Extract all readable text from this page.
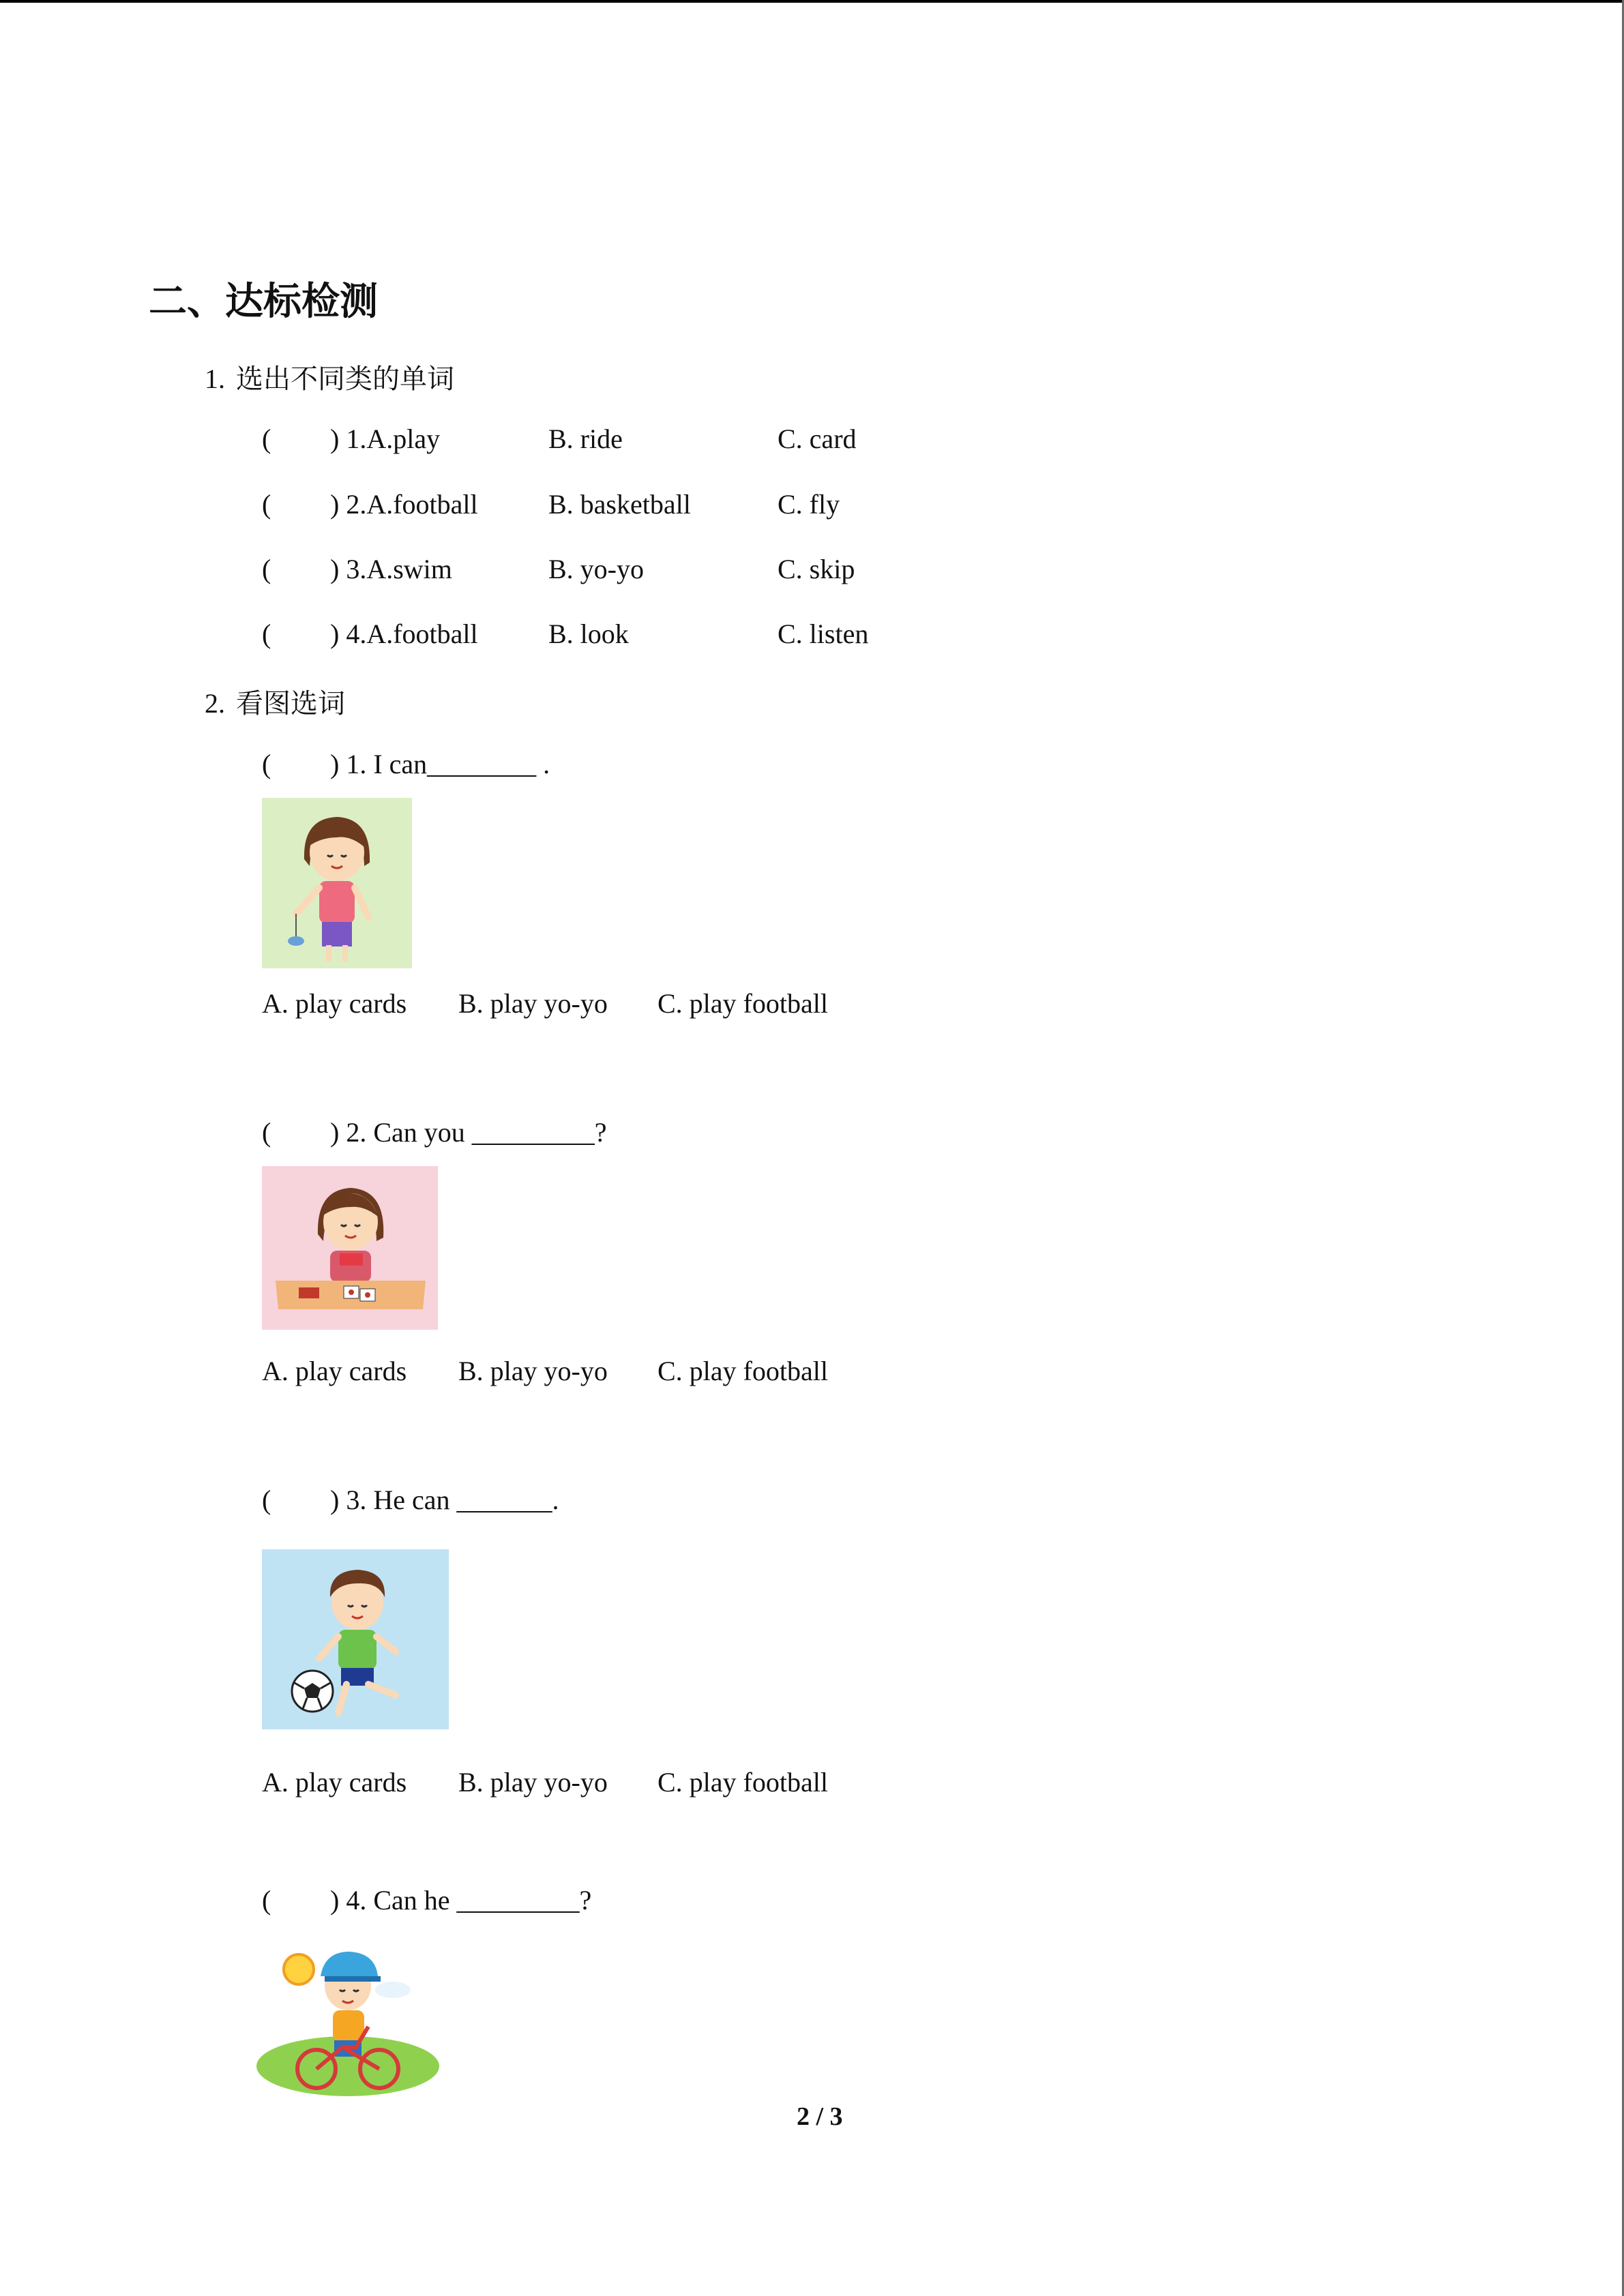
二、达标检测
1. 选出不同类的单词
( ) 1.A.play	B. ride	C. card
( ) 2.A.football	B. basketball	C. fly
( ) 3.A.swim	B. yo-yo	C. skip
( ) 4.A.football	B. look	C. listen
2. 看图选词
( ) 1. I can________ .
A. play cards B. play yo-yo C. play football
( ) 2. Can you _________?
A. play cards B. play yo-yo C. play football
( ) 3. He can _______.
A. play cards B. play yo-yo C. play football
( ) 4. Can he _________?
2 / 3
